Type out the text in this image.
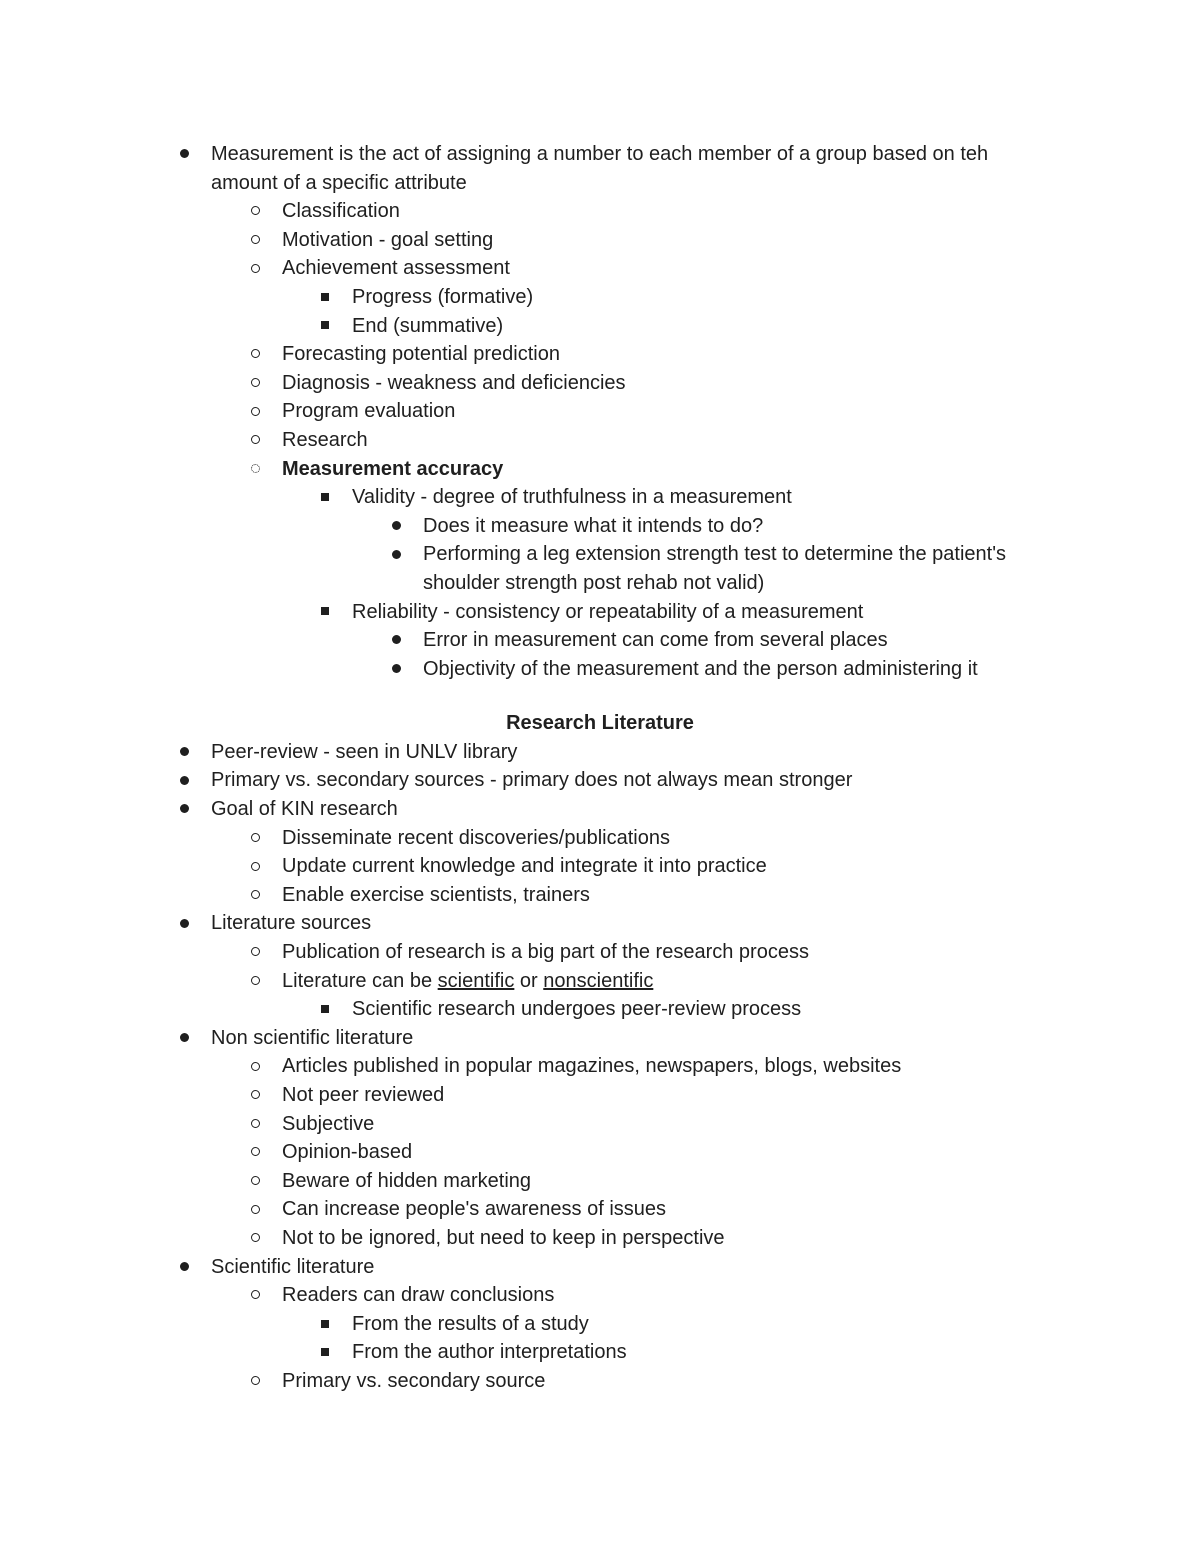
Measurement is the act of assigning a number to each member of a group based on teh
amount of a specific attribute
Classification
Motivation - goal setting
Achievement assessment
Progress (formative)
End (summative)
Forecasting potential prediction
Diagnosis - weakness and deficiencies
Program evaluation
Research
Measurement accuracy
Validity - degree of truthfulness in a measurement
Does it measure what it intends to do?
Performing a leg extension strength test to determine the patient's
shoulder strength post rehab not valid)
Reliability - consistency or repeatability of a measurement
Error in measurement can come from several places
Objectivity of the measurement and the person administering it
Research Literature
Peer-review - seen in UNLV library
Primary vs. secondary sources - primary does not always mean stronger
Goal of KIN research
Disseminate recent discoveries/publications
Update current knowledge and integrate it into practice
Enable exercise scientists, trainers
Literature sources
Publication of research is a big part of the research process
Literature can be scientific or nonscientific
Scientific research undergoes peer-review process
Non scientific literature
Articles published in popular magazines, newspapers, blogs, websites
Not peer reviewed
Subjective
Opinion-based
Beware of hidden marketing
Can increase people's awareness of issues
Not to be ignored, but need to keep in perspective
Scientific literature
Readers can draw conclusions
From the results of a study
From the author interpretations
Primary vs. secondary source
